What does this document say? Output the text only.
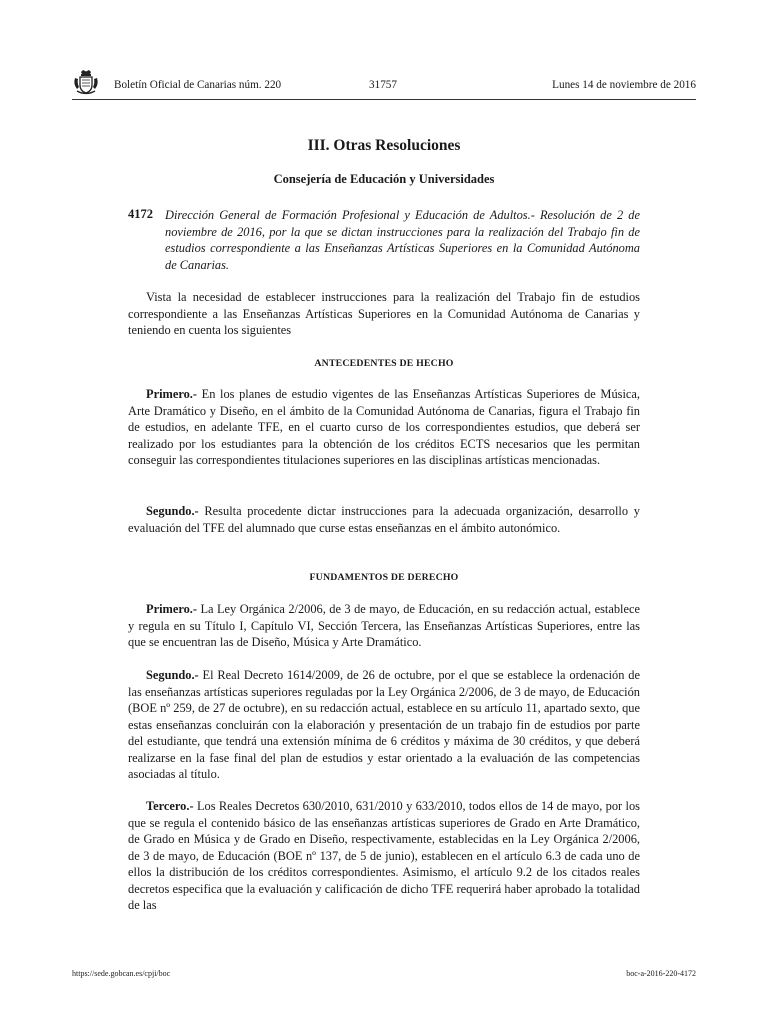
Boletín Oficial de Canarias núm. 220	31757	Lunes 14 de noviembre de 2016
III. Otras Resoluciones
Consejería de Educación y Universidades
4172 Dirección General de Formación Profesional y Educación de Adultos.- Resolución de 2 de noviembre de 2016, por la que se dictan instrucciones para la realización del Trabajo fin de estudios correspondiente a las Enseñanzas Artísticas Superiores en la Comunidad Autónoma de Canarias.
Vista la necesidad de establecer instrucciones para la realización del Trabajo fin de estudios correspondiente a las Enseñanzas Artísticas Superiores en la Comunidad Autónoma de Canarias y teniendo en cuenta los siguientes
ANTECEDENTES DE HECHO
Primero.- En los planes de estudio vigentes de las Enseñanzas Artísticas Superiores de Música, Arte Dramático y Diseño, en el ámbito de la Comunidad Autónoma de Canarias, figura el Trabajo fin de estudios, en adelante TFE, en el cuarto curso de los correspondientes estudios, que deberá ser realizado por los estudiantes para la obtención de los créditos ECTS necesarios que les permitan conseguir las correspondientes titulaciones superiores en las disciplinas artísticas mencionadas.
Segundo.- Resulta procedente dictar instrucciones para la adecuada organización, desarrollo y evaluación del TFE del alumnado que curse estas enseñanzas en el ámbito autonómico.
FUNDAMENTOS DE DERECHO
Primero.- La Ley Orgánica 2/2006, de 3 de mayo, de Educación, en su redacción actual, establece y regula en su Título I, Capítulo VI, Sección Tercera, las Enseñanzas Artísticas Superiores, entre las que se encuentran las de Diseño, Música y Arte Dramático.
Segundo.- El Real Decreto 1614/2009, de 26 de octubre, por el que se establece la ordenación de las enseñanzas artísticas superiores reguladas por la Ley Orgánica 2/2006, de 3 de mayo, de Educación (BOE nº 259, de 27 de octubre), en su redacción actual, establece en su artículo 11, apartado sexto, que estas enseñanzas concluirán con la elaboración y presentación de un trabajo fin de estudios por parte del estudiante, que tendrá una extensión mínima de 6 créditos y máxima de 30 créditos, y que deberá realizarse en la fase final del plan de estudios y estar orientado a la evaluación de las competencias asociadas al título.
Tercero.- Los Reales Decretos 630/2010, 631/2010 y 633/2010, todos ellos de 14 de mayo, por los que se regula el contenido básico de las enseñanzas artísticas superiores de Grado en Arte Dramático, de Grado en Música y de Grado en Diseño, respectivamente, establecidas en la Ley Orgánica 2/2006, de 3 de mayo, de Educación (BOE nº 137, de 5 de junio), establecen en el artículo 6.3 de cada uno de ellos la distribución de los créditos correspondientes. Asimismo, el artículo 9.2 de los citados reales decretos especifica que la evaluación y calificación de dicho TFE requerirá haber aprobado la totalidad de las
https://sede.gobcan.es/cpji/boc	boc-a-2016-220-4172
